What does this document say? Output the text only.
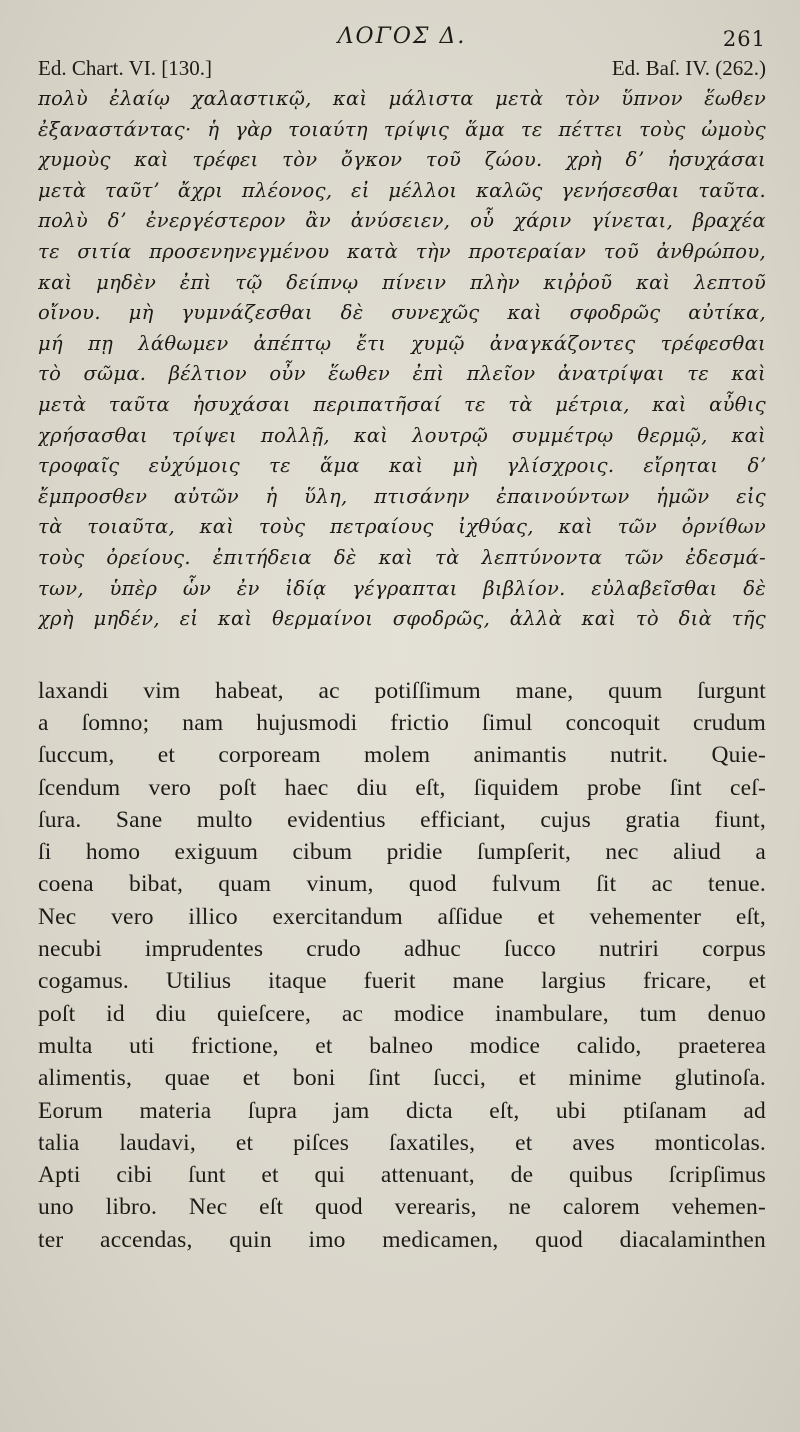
ΛΟΓΟΣ Δ.	261
Ed. Chart. VI. [130.]	Ed. Baſ. IV. (262.)
πολὺ ἐλαίῳ χαλαστικῷ, καὶ μάλιστα μετὰ τὸν ὕπνον ἕωθεν
ἐξαναστάντας· ἡ γὰρ τοιαύτη τρίψις ἅμα τε πέττει τοὺς ὠμοὺς
χυμοὺς καὶ τρέφει τὸν ὄγκον τοῦ ζώου. χρὴ δʼ ἡσυχάσαι
μετὰ ταῦτʼ ἄχρι πλέονος, εἰ μέλλοι καλῶς γενήσεσθαι ταῦτα.
πολὺ δʼ ἐνεργέστερον ἂν ἀνύσειεν, οὗ χάριν γίνεται, βραχέα
τε σιτία προσενηνεγμένου κατὰ τὴν προτεραίαν τοῦ ἀνθρώπου,
καὶ μηδὲν ἐπὶ τῷ δείπνῳ πίνειν πλὴν κιῤῥοῦ καὶ λεπτοῦ
οἴνου. μὴ γυμνάζεσθαι δὲ συνεχῶς καὶ σφοδρῶς αὐτίκα,
μή πῃ λάθωμεν ἀπέπτῳ ἔτι χυμῷ ἀναγκάζοντες τρέφεσθαι
τὸ σῶμα. βέλτιον οὖν ἕωθεν ἐπὶ πλεῖον ἀνατρίψαι τε καὶ
μετὰ ταῦτα ἡσυχάσαι περιπατῆσαί τε τὰ μέτρια, καὶ αὖθις
χρήσασθαι τρίψει πολλῇ, καὶ λουτρῷ συμμέτρῳ θερμῷ, καὶ
τροφαῖς εὐχύμοις τε ἅμα καὶ μὴ γλίσχροις. εἴρηται δʼ
ἔμπροσθεν αὐτῶν ἡ ὕλη, πτισάνην ἐπαινούντων ἡμῶν εἰς
τὰ τοιαῦτα, καὶ τοὺς πετραίους ἰχθύας, καὶ τῶν ὀρνίθων
τοὺς ὀρείους. ἐπιτήδεια δὲ καὶ τὰ λεπτύνοντα τῶν ἐδεσμά-
των, ὑπὲρ ὧν ἐν ἰδίᾳ γέγραπται βιβλίον. εὐλαβεῖσθαι δὲ
χρὴ μηδέν, εἰ καὶ θερμαίνοι σφοδρῶς, ἀλλὰ καὶ τὸ διὰ τῆς
laxandi vim habeat, ac potiſſimum mane, quum ſurgunt
a ſomno; nam hujusmodi frictio ſimul concoquit crudum
ſuccum, et corpoream molem animantis nutrit. Quie-
ſcendum vero poſt haec diu eſt, ſiquidem probe ſint ceſ-
ſura. Sane multo evidentius efficiant, cujus gratia fiunt,
ſi homo exiguum cibum pridie ſumpſerit, nec aliud a
coena bibat, quam vinum, quod fulvum ſit ac tenue.
Nec vero illico exercitandum aſſidue et vehementer eſt,
necubi imprudentes crudo adhuc ſucco nutriri corpus
cogamus. Utilius itaque fuerit mane largius fricare, et
poſt id diu quieſcere, ac modice inambulare, tum denuo
multa uti frictione, et balneo modice calido, praeterea
alimentis, quae et boni ſint ſucci, et minime glutinoſa.
Eorum materia ſupra jam dicta eſt, ubi ptiſanam ad
talia laudavi, et piſces ſaxatiles, et aves monticolas.
Apti cibi ſunt et qui attenuant, de quibus ſcripſimus
uno libro. Nec eſt quod verearis, ne calorem vehemen-
ter accendas, quin imo medicamen, quod diacalaminthen
